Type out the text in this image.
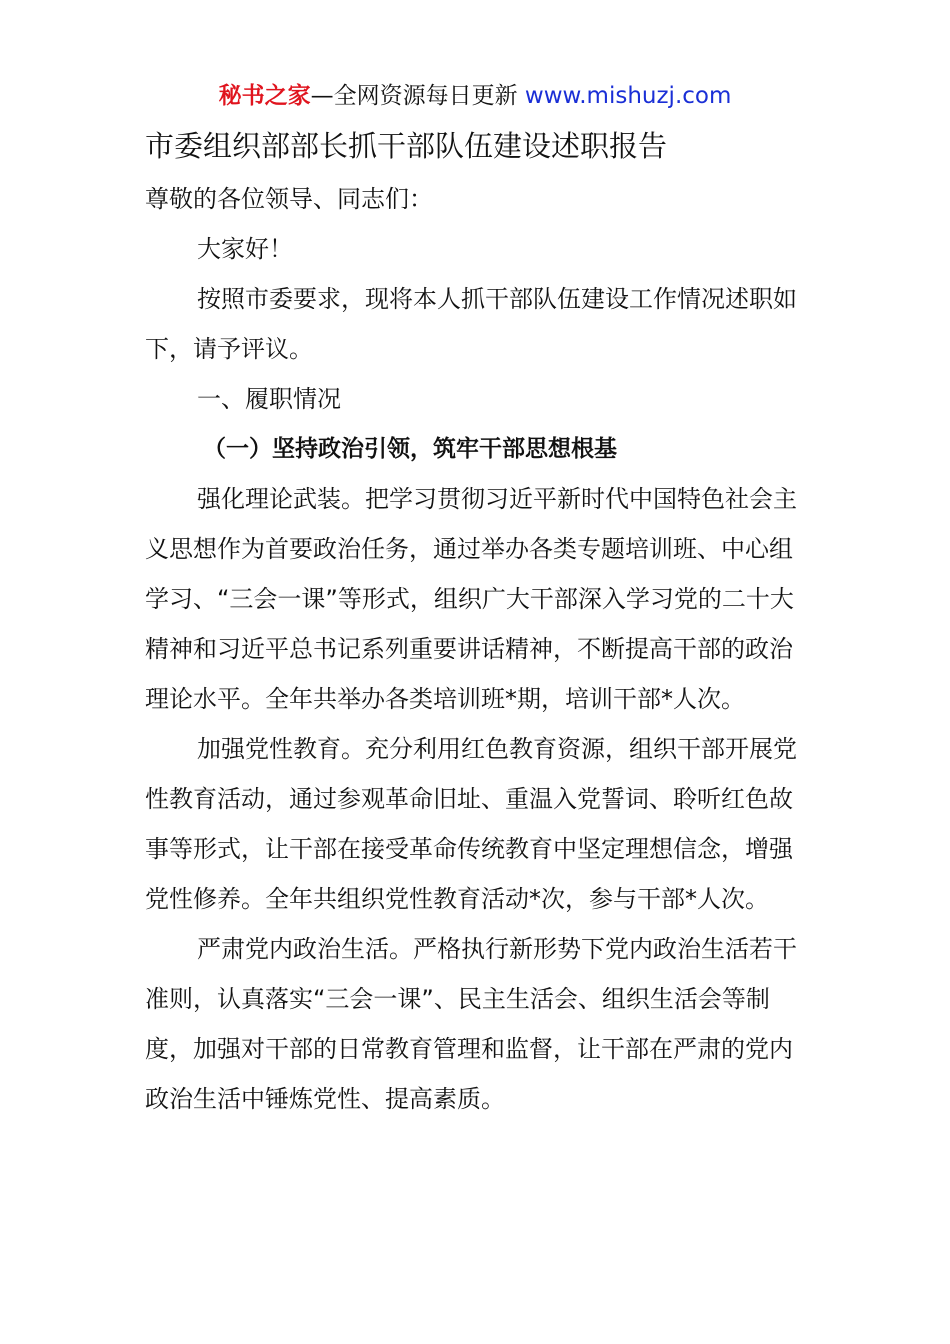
秘书之家—全网资源每日更新 www.mishuzj.com
市委组织部部长抓干部队伍建设述职报告

尊敬的各位领导、同志们：

大家好！

按照市委要求，现将本人抓干部队伍建设工作情况述职如下，请予评议。

一、履职情况

（一）坚持政治引领，筑牢干部思想根基

强化理论武装。把学习贯彻习近平新时代中国特色社会主义思想作为首要政治任务，通过举办各类专题培训班、中心组学习、“三会一课”等形式，组织广大干部深入学习党的二十大精神和习近平总书记系列重要讲话精神，不断提高干部的政治理论水平。全年共举办各类培训班*期，培训干部*人次。

加强党性教育。充分利用红色教育资源，组织干部开展党性教育活动，通过参观革命旧址、重温入党誓词、聆听红色故事等形式，让干部在接受革命传统教育中坚定理想信念，增强党性修养。全年共组织党性教育活动*次，参与干部*人次。

严肃党内政治生活。严格执行新形势下党内政治生活若干准则，认真落实“三会一课”、民主生活会、组织生活会等制度，加强对干部的日常教育管理和监督，让干部在严肃的党内政治生活中锤炼党性、提高素质。
